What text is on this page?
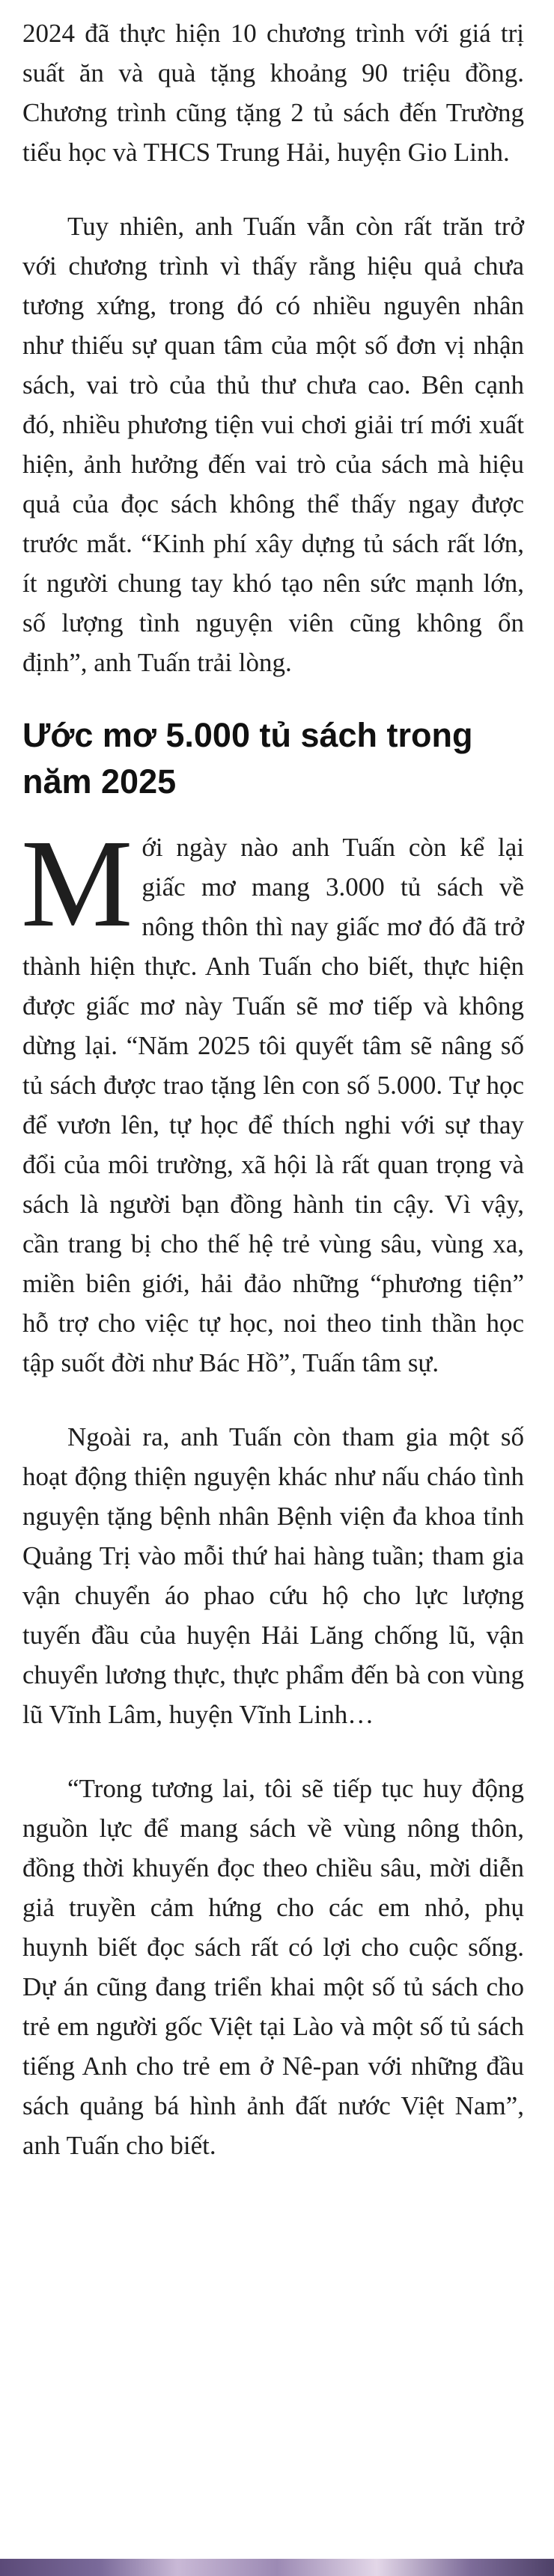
2024 đã thực hiện 10 chương trình với giá trị suất ăn và quà tặng khoảng 90 triệu đồng. Chương trình cũng tặng 2 tủ sách đến Trường tiểu học và THCS Trung Hải, huyện Gio Linh.

Tuy nhiên, anh Tuấn vẫn còn rất trăn trở với chương trình vì thấy rằng hiệu quả chưa tương xứng, trong đó có nhiều nguyên nhân như thiếu sự quan tâm của một số đơn vị nhận sách, vai trò của thủ thư chưa cao. Bên cạnh đó, nhiều phương tiện vui chơi giải trí mới xuất hiện, ảnh hưởng đến vai trò của sách mà hiệu quả của đọc sách không thể thấy ngay được trước mắt. “Kinh phí xây dựng tủ sách rất lớn, ít người chung tay khó tạo nên sức mạnh lớn, số lượng tình nguyện viên cũng không ổn định”, anh Tuấn trải lòng.

Ước mơ 5.000 tủ sách trong năm 2025

Mới ngày nào anh Tuấn còn kể lại giấc mơ mang 3.000 tủ sách về nông thôn thì nay giấc mơ đó đã trở thành hiện thực. Anh Tuấn cho biết, thực hiện được giấc mơ này Tuấn sẽ mơ tiếp và không dừng lại. “Năm 2025 tôi quyết tâm sẽ nâng số tủ sách được trao tặng lên con số 5.000. Tự học để vươn lên, tự học để thích nghi với sự thay đổi của môi trường, xã hội là rất quan trọng và sách là người bạn đồng hành tin cậy. Vì vậy, cần trang bị cho thế hệ trẻ vùng sâu, vùng xa, miền biên giới, hải đảo những “phương tiện” hỗ trợ cho việc tự học, noi theo tinh thần học tập suốt đời như Bác Hồ”, Tuấn tâm sự.

Ngoài ra, anh Tuấn còn tham gia một số hoạt động thiện nguyện khác như nấu cháo tình nguyện tặng bệnh nhân Bệnh viện đa khoa tỉnh Quảng Trị vào mỗi thứ hai hàng tuần; tham gia vận chuyển áo phao cứu hộ cho lực lượng tuyến đầu của huyện Hải Lăng chống lũ, vận chuyển lương thực, thực phẩm đến bà con vùng lũ Vĩnh Lâm, huyện Vĩnh Linh…

“Trong tương lai, tôi sẽ tiếp tục huy động nguồn lực để mang sách về vùng nông thôn, đồng thời khuyến đọc theo chiều sâu, mời diễn giả truyền cảm hứng cho các em nhỏ, phụ huynh biết đọc sách rất có lợi cho cuộc sống. Dự án cũng đang triển khai một số tủ sách cho trẻ em người gốc Việt tại Lào và một số tủ sách tiếng Anh cho trẻ em ở Nê-pan với những đầu sách quảng bá hình ảnh đất nước Việt Nam”, anh Tuấn cho biết.
